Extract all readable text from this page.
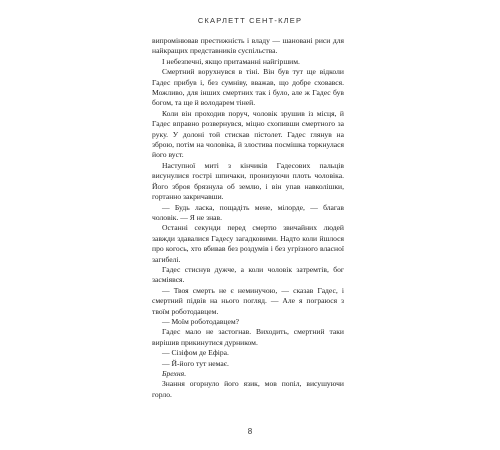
СКАРЛЕТТ СЕНТ-КЛЕР

випромінював престижність і владу — шановані риси для найкращих представників суспільства.

І небезпечні, якщо притаманні найгіршим.

Смертний ворухнувся в тіні. Він був тут ще відколи Гадес прибув і, без сумніву, вважав, що добре сховався. Можливо, для інших смертних так і було, але ж Гадес був богом, та ще й володарем тіней.

Коли він проходив поруч, чоловік зрушив із місця, й Гадес вправно розвернувся, міцно схопивши смертного за руку. У долоні той стискав пістолет. Гадес глянув на зброю, потім на чоловіка, й злостива посмішка торкнулася його вуст.

Наступної миті з кінчиків Гадесових пальців висунулися гострі шпичаки, пронизуючи плоть чоловіка. Його зброя брязнула об землю, і він упав навколішки, гортанно закричавши.

— Будь ласка, пощадіть мене, мілорде, — благав чоловік. — Я не знав.

Останні секунди перед смертю звичайних людей завжди здавалися Гадесу загадковими. Надто коли йшлося про когось, хто вбивав без роздумів і без угрізного власної загибелі.

Гадес стиснув дужче, а коли чоловік затремтів, бог засміявся.

— Твоя смерть не є неминучою, — сказав Гадес, і смертний підвів на нього погляд. — Але я пограюся з твоїм роботодавцем.

— Моїм роботодавцем?

Гадес мало не застогнав. Виходить, смертний таки вирішив прикинутися дурником.

— Сізіфом де Ефіра.

— Й-його тут немає.

Брехня.

Знання огорнуло його язик, мов попіл, висушуючи горло.

8
